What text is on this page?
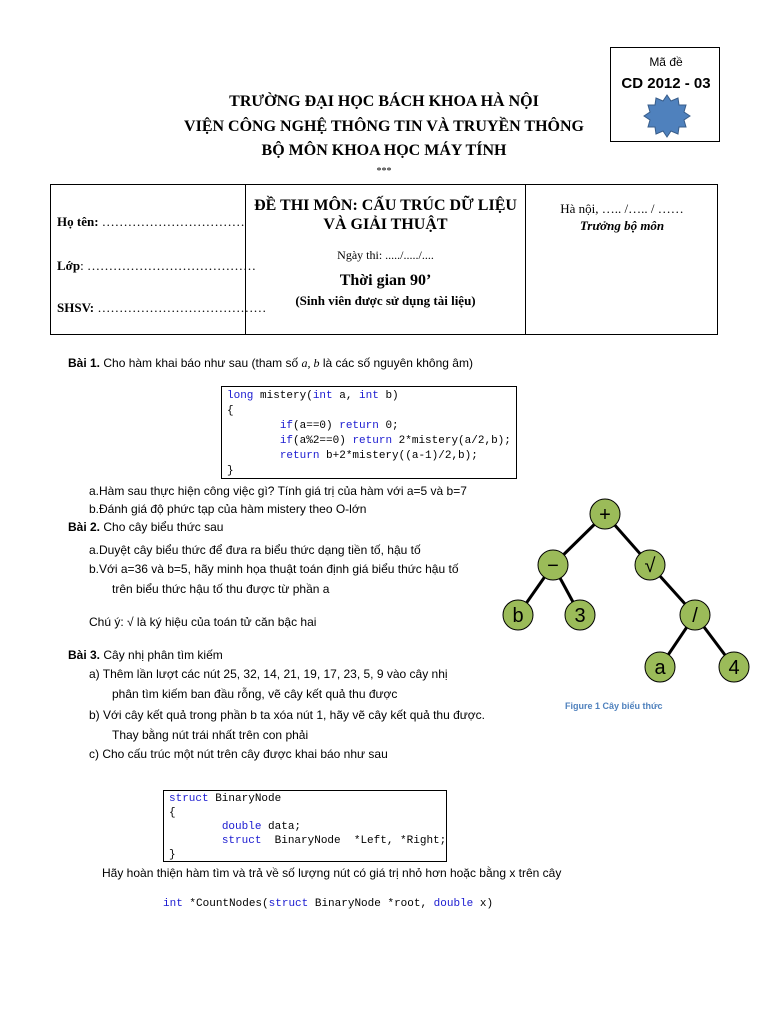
Mã đề
CD 2012 - 03
TRƯỜNG ĐẠI HỌC BÁCH KHOA HÀ NỘI
VIỆN CÔNG NGHỆ THÔNG TIN VÀ TRUYỀN THÔNG
BỘ MÔN KHOA HỌC MÁY TÍNH
***
Họ tên: ……………………………
Lớp: …………………………………
SHSV: …………………………………
ĐỀ THI MÔN: CẤU TRÚC DỮ LIỆU
VÀ GIẢI THUẬT
Ngày thi: ...../...../....
Thời gian 90’
(Sinh viên được sử dụng tài liệu)
Hà nội, ….. /….. / ……
Trưởng bộ môn
Bài 1. Cho hàm khai báo như sau (tham số a, b là các số nguyên không âm)
long mistery(int a, int b)
{
if(a==0) return 0;
if(a%2==0) return 2*mistery(a/2,b);
return b+2*mistery((a-1)/2,b);
}
a.Hàm sau thực hiện công việc gì? Tính giá trị của hàm với a=5 và b=7
b.Đánh giá độ phức tạp của hàm mistery theo O-lớn
Bài 2. Cho cây biểu thức sau
a.Duyệt cây biểu thức để đưa ra biểu thức dạng tiền tố, hậu tố
b.Với a=36 và b=5, hãy minh họa thuật toán định giá biểu thức hậu tố
trên biểu thức hậu tố thu được từ phần a
Chú ý: √ là ký hiệu của toán tử căn bậc hai
+
−	√
b	3	/
a	4
Figure 1 Cây biểu thức
Bài 3. Cây nhị phân tìm kiếm
a) Thêm lần lượt các nút 25, 32, 14, 21, 19, 17, 23, 5, 9 vào cây nhị
phân tìm kiếm ban đầu rỗng, vẽ cây kết quả thu được
b) Với cây kết quả trong phần b ta xóa nút 1, hãy vẽ cây kết quả thu được.
Thay bằng nút trái nhất trên con phải
c) Cho cấu trúc một nút trên cây được khai báo như sau
struct BinaryNode
{
double data;
struct  BinaryNode  *Left, *Right;
}
Hãy hoàn thiện hàm tìm và trả về số lượng nút có giá trị nhỏ hơn hoặc bằng x trên cây
int *CountNodes(struct BinaryNode *root, double x)
